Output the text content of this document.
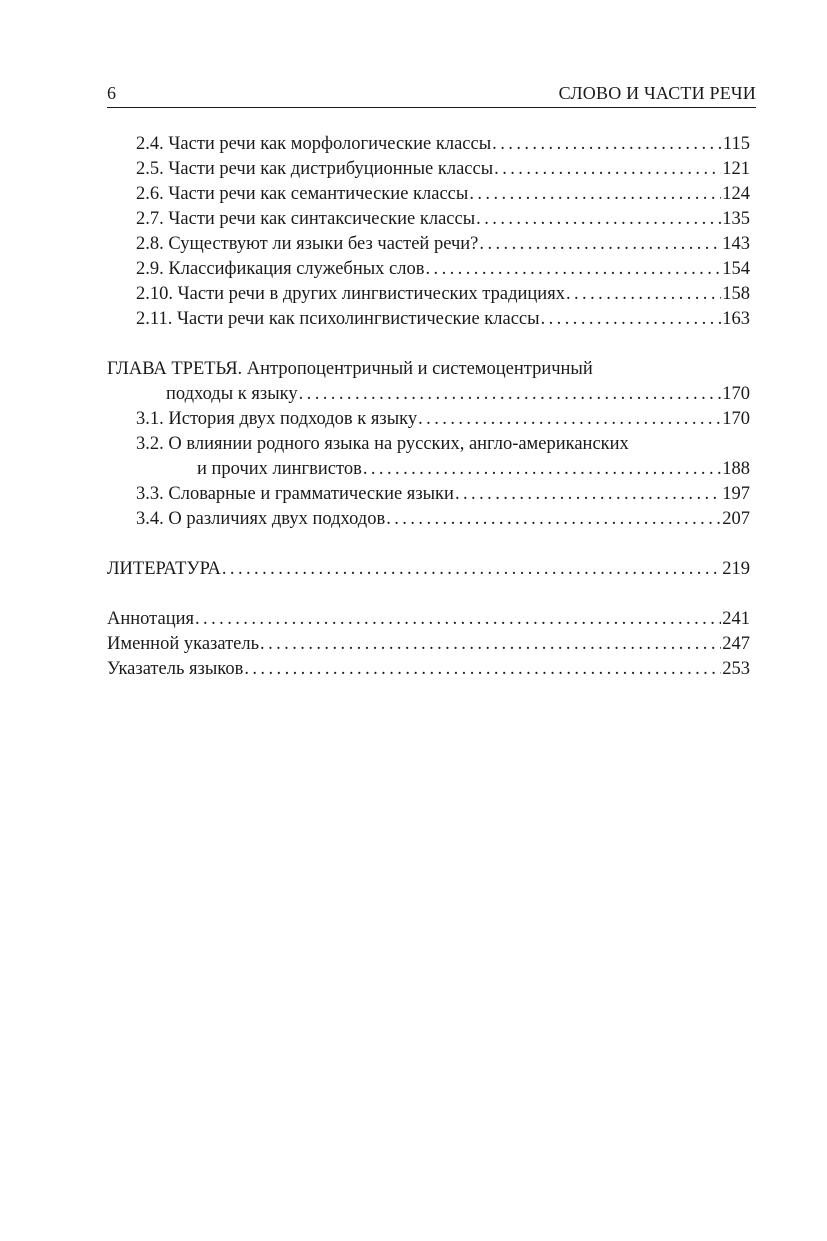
6	СЛОВО И ЧАСТИ РЕЧИ
2.4. Части речи как морфологические классы . . .	115
2.5. Части речи как дистрибуционные классы . . .	121
2.6. Части речи как семантические классы . . .	124
2.7. Части речи как синтаксические классы . . .	135
2.8. Существуют ли языки без частей речи? . . .	143
2.9. Классификация служебных слов . . .	154
2.10. Части речи в других лингвистических традициях . . .	158
2.11. Части речи как психолингвистические классы . . .	163
ГЛАВА ТРЕТЬЯ. Антропоцентричный и системоцентричный
подходы к языку . . .	170
3.1. История двух подходов к языку . . .	170
3.2. О влиянии родного языка на русских, англо-американских
и прочих лингвистов . . .	188
3.3. Словарные и грамматические языки . . .	197
3.4. О различиях двух подходов . . .	207
ЛИТЕРАТУРА . . .	219
Аннотация . . .	241
Именной указатель . . .	247
Указатель языков . . .	253
